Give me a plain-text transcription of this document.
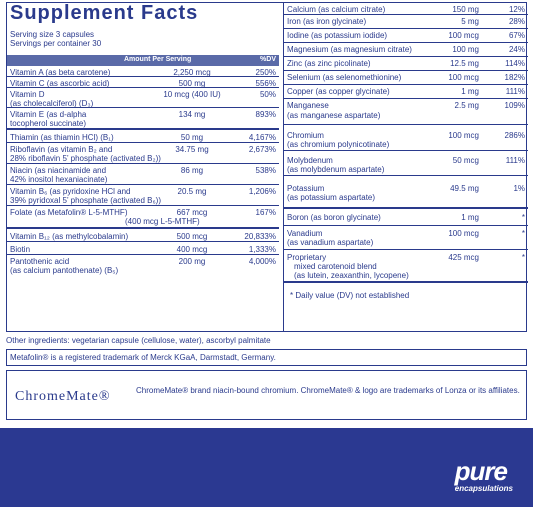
Supplement Facts
Serving size 3 capsules
Servings per container 30
Amount Per Serving	%DV
Vitamin A (as beta carotene)	2,250 mcg	250%
Vitamin C (as ascorbic acid)	500 mg	556%
Vitamin D
(as cholecalciferol) (D₃)
10 mcg (400 IU)	50%
Vitamin E (as d-alpha
tocopherol succinate)
134 mg	893%
Thiamin (as thiamin HCl) (B₁)	50 mg	4,167%
Riboflavin (as vitamin B₂ and
28% riboflavin 5’ phosphate (activated B₂))
34.75 mg	2,673%
Niacin (as niacinamide and
42% inositol hexaniacinate)
86 mg	538%
Vitamin B₆ (as pyridoxine HCl and
39% pyridoxal 5’ phosphate (activated B₆))
20.5 mg	1,206%
Folate (as Metafolin® L-5-MTHF)
(400 mcg L-5-MTHF)
667 mcg	167%
Vitamin B₁₂ (as methylcobalamin)	500 mcg	20,833%
Biotin	400 mcg	1,333%
Pantothenic acid
(as calcium pantothenate) (B₅)
200 mg	4,000%
Calcium (as calcium citrate)	150 mg	12%
Iron (as iron glycinate)	5 mg	28%
Iodine (as potassium iodide)	100 mcg	67%
Magnesium (as magnesium citrate)	100 mg	24%
Zinc (as zinc picolinate)	12.5 mg	114%
Selenium (as selenomethionine)	100 mcg	182%
Copper (as copper glycinate)	1 mg	111%
Manganese
(as manganese aspartate)
2.5 mg	109%
Chromium
(as chromium polynicotinate)
100 mcg	286%
Molybdenum
(as molybdenum aspartate)
50 mcg	111%
Potassium
(as potassium aspartate)
49.5 mg	1%
Boron (as boron glycinate)	1 mg	*
Vanadium
(as vanadium aspartate)
100 mcg	*
Proprietary
mixed carotenoid blend
(as lutein, zeaxanthin, lycopene)
425 mcg	*
* Daily value (DV) not established
Other ingredients: vegetarian capsule (cellulose, water), ascorbyl palmitate
Metafolin® is a registered trademark of Merck KGaA, Darmstadt, Germany.
ChromeMate®	ChromeMate® brand niacin-bound chromium. ChromeMate® & logo are trademarks of Lonza or its affiliates.
pure
encapsulations
